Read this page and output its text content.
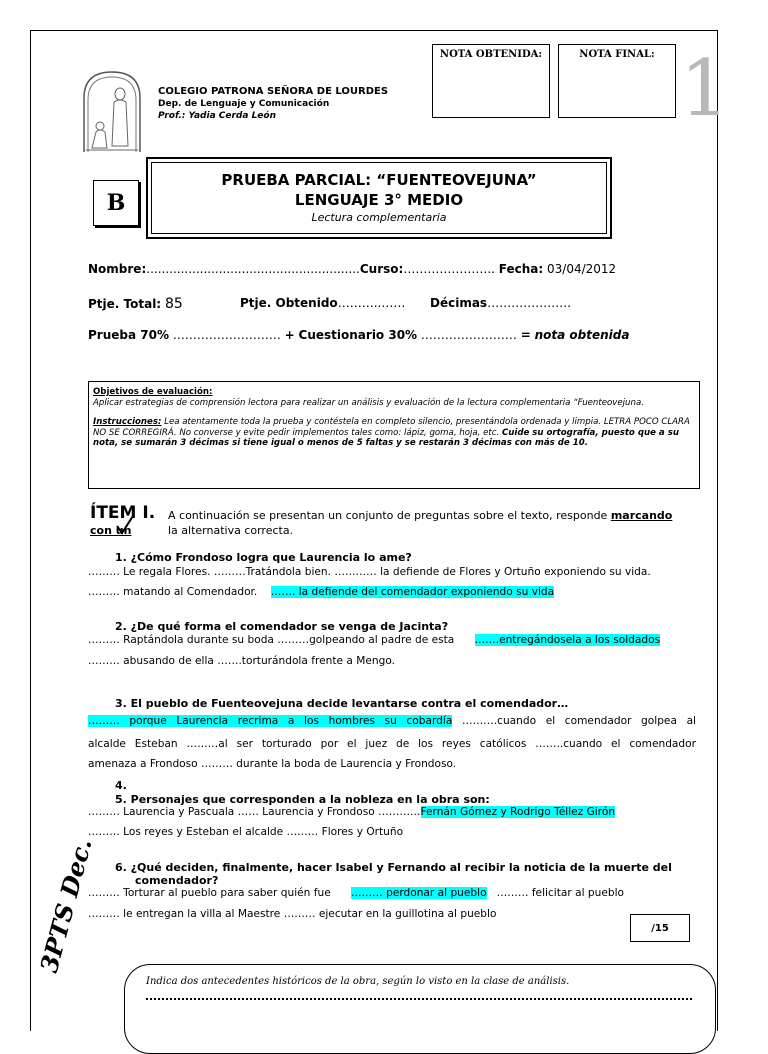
COLEGIO PATRONA SEÑORA DE LOURDES
Dep. de Lenguaje y Comunicación
Prof.: Yadia Cerda León
NOTA OBTENIDA:	NOTA FINAL: 1
B
PRUEBA PARCIAL: “FUENTEOVEJUNA”
LENGUAJE 3° MEDIO
Lectura complementaria
Nombre:........................................................Curso:………………….. Fecha: 03/04/2012
Ptje. Total: 85	Ptje. Obtenido………..…… Décimas…………………
Prueba 70% ……………………… + Cuestionario 30% …………………… = nota obtenida
Objetivos de evaluación:
Aplicar estrategias de comprensión lectora para realizar un análisis y evaluación de la lectura complementaria “Fuenteovejuna.
Instrucciones: Lea atentamente toda la prueba y contéstela en completo silencio, presentándola ordenada y limpia. LETRA POCO CLARA NO SE CORREGIRÁ. No converse y evite pedir implementos tales como: lápiz, goma, hoja, etc. Cuide su ortografía, puesto que a su nota, se sumarán 3 décimas si tiene igual o menos de 5 faltas y se restarán 3 décimas con más de 10.
ÍTEM I.
con un
A continuación se presentan un conjunto de preguntas sobre el texto, responde marcando
la alternativa correcta.
1. ¿Cómo Frondoso logra que Laurencia lo ame?
……… Le regala Flores. ………Tratándola bien. ………… la defiende de Flores y Ortuño exponiendo su vida.
……… matando al Comendador. ……. la defiende del comendador exponiendo su vida
2. ¿De qué forma el comendador se venga de Jacinta?
……… Raptándola durante su boda ………golpeando al padre de esta …….entregándosela a los soldados
……… abusando de ella …….torturándola frente a Mengo.
3. El pueblo de Fuenteovejuna decide levantarse contra el comendador…
……… porque Laurencia recrima a los hombres su cobardía ……….cuando el comendador golpea al
alcalde Esteban ………al ser torturado por el juez de los reyes católicos ……..cuando el comendador
amenaza a Frondoso ……… durante la boda de Laurencia y Frondoso.
4.
5. Personajes que corresponden a la nobleza en la obra son:
……… Laurencia y Pascuala …… Laurencia y Frondoso …………Fernán Gómez y Rodrigo Téllez Girón
……… Los reyes y Esteban el alcalde ……… Flores y Ortuño
6. ¿Qué deciden, finalmente, hacer Isabel y Fernando al recibir la noticia de la muerte del
comendador?
……… Torturar al pueblo para saber quién fue ……… perdonar al pueblo ……… felicitar al pueblo
……… le entregan la villa al Maestre ……… ejecutar en la guillotina al pueblo
/15
3PTS Dec.
Indica dos antecedentes históricos de la obra, según lo visto en la clase de análisis.
